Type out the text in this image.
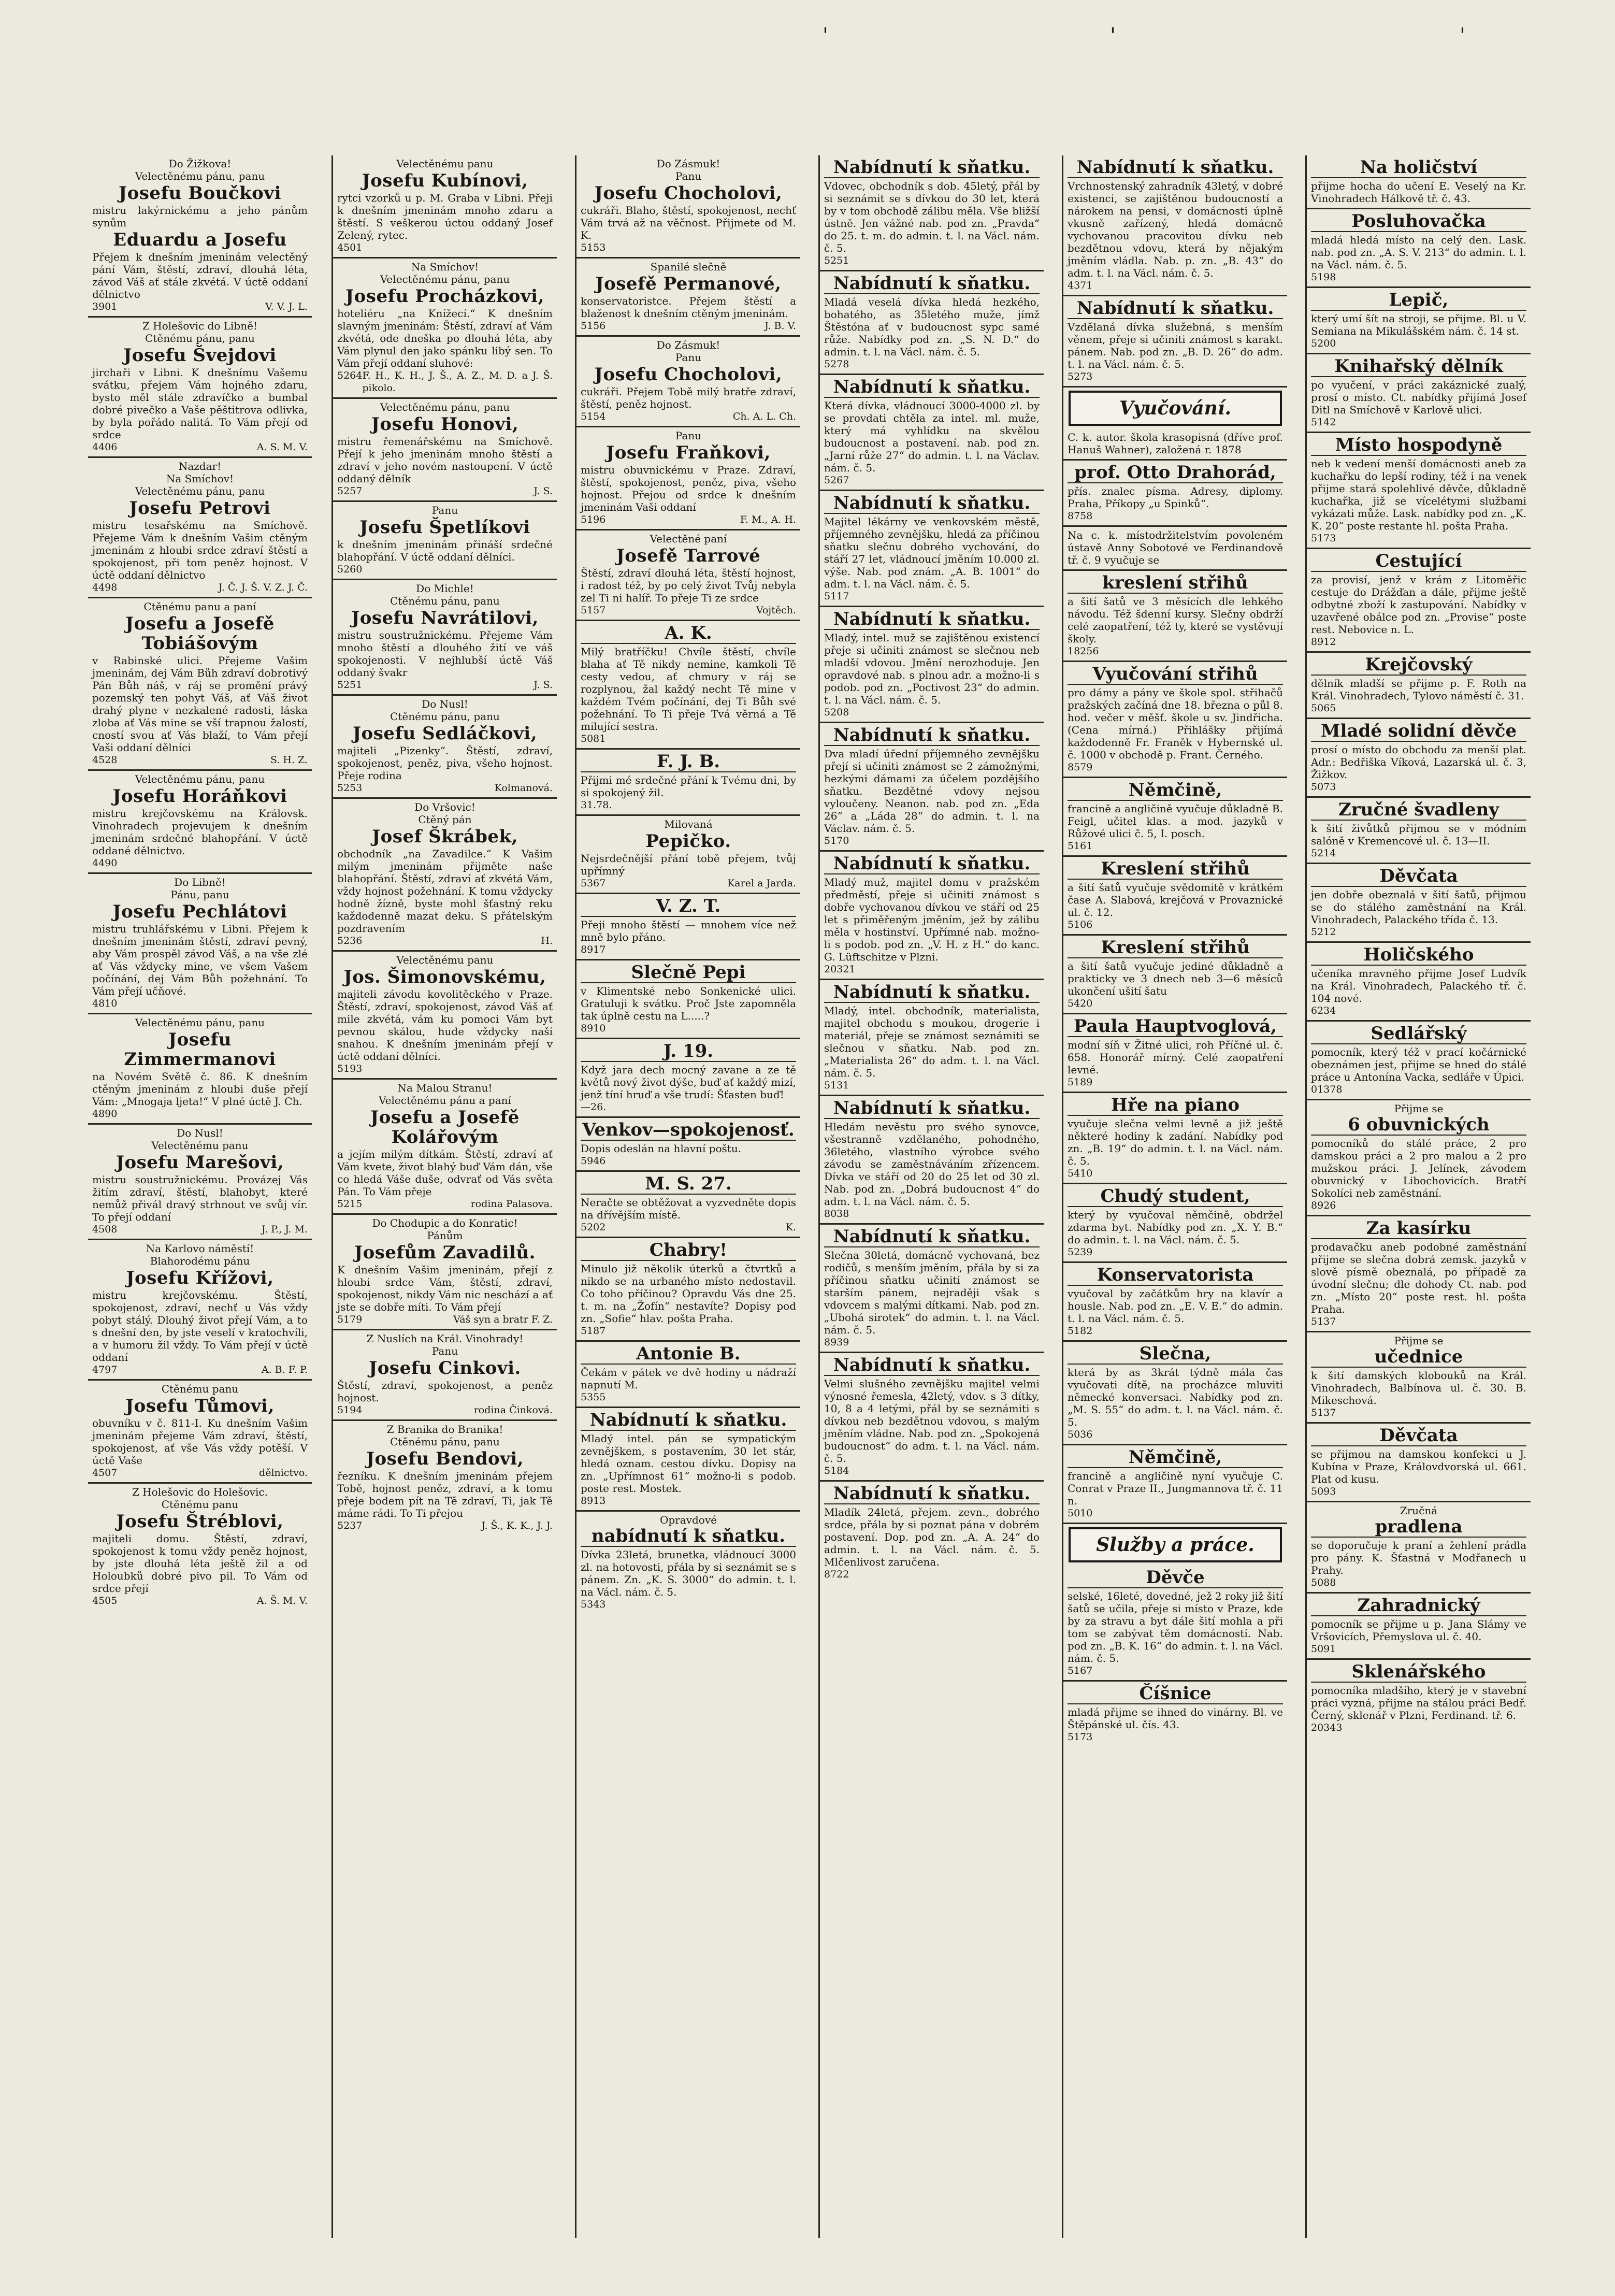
'	'	'
Do Žižkova!
Velectěnému pánu, panu
Josefu Boučkovi
mistru lakýrnickému a jeho pánům synům
Eduardu a Josefu
Přejem k dnešním jmeninám velectěný pání Vám, štěstí, zdraví, dlouhá léta, závod Váš ať stále zkvétá. V úctě oddaní dělnictvo
3901	V. V. J. L.
Z Holešovic do Libně!
Ctěnému pánu, panu
Josefu Švejdovi
jirchaři v Libni. K dnešnímu Vašemu svátku, přejem Vám hojného zdaru, bysto měl stále zdravíčko a bumbal dobré pivečko a Vaše pěštitrova odlivka, by byla pořádo nalitá. To Vám přejí od srdce
4406	A. S. M. V.
Nazdar!
Na Smíchov!
Velectěnému pánu, panu
Josefu Petrovi
mistru tesařskému na Smíchově. Přejeme Vám k dnešním Vašim ctěným jmeninám z hloubi srdce zdraví štěstí a spokojenost, při tom peněz hojnost. V úctě oddaní dělnictvo
4498	J. Č. J. Š. V. Z. J. Č.
Ctěnému panu a paní
Josefu a Josefě Tobiášovým
v Rabinské ulici. Přejeme Vašim jmeninám, dej Vám Bůh zdraví dobrotivý Pán Bůh náš, v ráj se promění právý pozemský ten pohyt Váš, ať Váš život drahý plyne v nezkalené radosti, láska zloba ať Vás mine se vší trapnou žalostí, cností svou ať Vás blaží, to Vám přejí Vaši oddaní dělníci
4528	S. H. Z.
Velectěnému pánu, panu
Josefu Horáňkovi
mistru krejčovskému na Královsk. Vinohradech projevujem k dnešním jmeninám srdečné blahopřání. V úctě oddané dělnictvo.
4490
Do Libně!
Pánu, panu
Josefu Pechlátovi
mistru truhlářskému v Libni. Přejem k dnešním jmeninám štěstí, zdraví pevný, aby Vám prospěl závod Váš, a na vše zlé ať Vás vždycky mine, ve všem Vašem počínání, dej Vám Bůh požehnání. To Vám přejí učňové.
4810
Velectěnému pánu, panu
Josefu Zimmermanovi
na Novém Světě č. 86. K dnešním ctěným jmeninám z hloubi duše přejí Vám: „Mnogaja ljeta!“ V plné úctě J. Ch.
4890
Do Nusl!
Velectěnému panu
Josefu Marešovi,
mistru soustružnickému. Provázej Vás žitím zdraví, štěstí, blahobyt, které nemůž přivál dravý strhnout ve svůj vír. To přejí oddaní
4508	J. P., J. M.
Na Karlovo náměstí!
Blahorodému pánu
Josefu Křížovi,
mistru krejčovskému. Štěstí, spokojenost, zdraví, nechť u Vás vždy pobyt stálý. Dlouhý život přejí Vám, a to s dnešní den, by jste veselí v kratochvíli, a v humoru žil vždy. To Vám přejí v úctě oddaní
4797	A. B. F. P.
Ctěnému panu
Josefu Tůmovi,
obuvníku v č. 811-I. Ku dnešním Vašim jmeninám přejeme Vám zdraví, štěstí, spokojenost, ať vše Vás vždy potěší. V úctě Vaše
4507	dělnictvo.
Z Holešovic do Holešovic.
Ctěnému panu
Josefu Štréblovi,
majiteli domu. Štěstí, zdraví, spokojenost k tomu vždy peněz hojnost, by jste dlouhá léta ještě žil a od Holoubků dobré pivo pil. To Vám od srdce přejí
4505	A. Š. M. V.
Velectěnému panu
Josefu Kubínovi,
rytci vzorků u p. M. Graba v Libni. Přeji k dnešním jmeninám mnoho zdaru a štěstí. S veškerou úctou oddaný Josef Zelený, rytec.
4501
Na Smíchov!
Velectěnému pánu, panu
Josefu Procházkovi,
hoteliéru „na Knížecí.“ K dnešním slavným jmeninám: Štěstí, zdraví ať Vám zkvétá, ode dneška po dlouhá léta, aby Vám plynul den jako spánku libý sen. To Vám přejí oddaní sluhové:
5264 F. H., K. H., J. Š., A. Z., M. D. a J. Š. pikolo.
Velectěnému pánu, panu
Josefu Honovi,
mistru řemenářskému na Smíchově. Přejí k jeho jmeninám mnoho štěstí a zdraví v jeho novém nastoupení. V úctě oddaný dělník
5257	J. S.
Panu
Josefu Špetlíkovi
k dnešním jmeninám přináší srdečné blahopřání. V úctě oddaní dělníci.
5260
Do Michle!
Ctěnému pánu, panu
Josefu Navrátilovi,
mistru soustružnickému. Přejeme Vám mnoho štěstí a dlouhého žití ve váš spokojenosti. V nejhlubší úctě Váš oddaný švakr
5251	J. S.
Do Nusl!
Ctěnému pánu, panu
Josefu Sedláčkovi,
majiteli „Pizenky“. Štěstí, zdraví, spokojenost, peněz, piva, všeho hojnost. Přeje rodina
5253	Kolmanová.
Do Vršovic!
Ctěný pán
Josef Škrábek,
obchodník „na Zavadilce.“ K Vašim milým jmeninám přijměte naše blahopřání. Štěstí, zdraví ať zkvétá Vám, vždy hojnost požehnání. K tomu vždycky hodně žízně, byste mohl šťastný reku každodenně mazat deku. S přátelským pozdravením
5236	H.
Velectěnému panu
Jos. Šimonovskému,
majiteli závodu kovolitěckého v Praze. Štěstí, zdraví, spokojenost, závod Váš ať mile zkvétá, vám ku pomoci Vám byt pevnou skálou, hude vždycky naší snahou. K dnešním jmeninám přejí v úctě oddaní dělníci.
5193
Na Malou Stranu!
Velectěnému pánu a paní
Josefu a Josefě Kolářovým
a jejím milým dítkám. Štěstí, zdraví ať Vám kvete, život blahý buď Vám dán, vše co hledá Váše duše, odvrať od Vás světa Pán. To Vám přeje
5215	rodina Palasova.
Do Chodupic a do Konratic!
Pánům
Josefům Zavadilů.
K dnešním Vašim jmeninám, přejí z hloubi srdce Vám, štěstí, zdraví, spokojenost, nikdy Vám nic neschází a ať jste se dobře míti. To Vám přejí
5179	Váš syn a bratr F. Z.
Z Nuslích na Král. Vinohrady!
Panu
Josefu Cinkovi.
Štěstí, zdraví, spokojenost, a peněz hojnost.
5194	rodina Činková.
Z Branika do Branika!
Ctěnému pánu, panu
Josefu Bendovi,
řezníku. K dnešním jmeninám přejem Tobě, hojnost peněz, zdraví, a k tomu přeje bodem pít na Tě zdraví, Ti, jak Tě máme rádi. To Ti přejou
5237	J. Š., K. K., J. J.
Do Zásmuk!
Panu
Josefu Chocholovi,
cukráři. Blaho, štěstí, spokojenost, nechť Vám trvá až na věčnost. Přijmete od M. K.
5153
Spanilé slečně
Josefě Permanové,
konservatoristce. Přejem štěstí a blaženost k dnešním ctěným jmeninám.
5156	J. B. V.
Do Zásmuk!
Panu
Josefu Chocholovi,
cukráři. Přejem Tobě milý bratře zdraví, štěstí, peněz hojnost.
5154	Ch. A. L. Ch.
Panu
Josefu Fraňkovi,
mistru obuvnickému v Praze. Zdraví, štěstí, spokojenost, peněz, piva, všeho hojnost. Přejou od srdce k dnešním jmeninám Vaši oddaní
5196	F. M., A. H.
Velectěné paní
Josefě Tarrové
Štěstí, zdraví dlouhá léta, štěstí hojnost, i radost též, by po celý život Tvůj nebyla zel Ti ni halíř. To přeje Ti ze srdce
5157	Vojtěch.
A. K.
Milý bratříčku! Chvíle štěstí, chvíle blaha ať Tě nikdy nemine, kamkoli Tě cesty vedou, ať chmury v ráj se rozplynou, žal každý necht Tě mine v každém Tvém počínání, dej Ti Bůh své požehnání. To Ti přeje Tvá věrná a Tě milující sestra.
5081
F. J. B.
Přijmi mé srdečné přání k Tvému dni, by si spokojený žil.
31.78.
Milovaná
Pepičko.
Nejsrdečnější přání tobě přejem, tvůj upřímný
5367	Karel a Jarda.
V. Z. T.
Přeji mnoho štěstí — mnohem více než mně bylo přáno.
8917
Slečně Pepi
v Klimentské nebo Sonkenické ulici. Gratuluji k svátku. Proč Jste zapomněla tak úplně cestu na L.....?
8910
J. 19.
Když jara dech mocný zavane a ze tě květů nový život dýše, buď ať každý mizí, jenž tíní hruď a vše trudí: Šťasten buď!
—26.
Venkov—spokojenosť.
Dopis odeslán na hlavní poštu.
5946
M. S. 27.
Neračte se obtěžovat a vyzvedněte dopis na dřívějším místě.
5202	K.
Chabry!
Minulo již několik úterků a čtvrtků a nikdo se na urbaného místo nedostavil. Co toho příčinou? Opravdu Vás dne 25. t. m. na „Žofín“ nestavíte? Dopisy pod zn. „Sofie“ hlav. pošta Praha.
5187
Antonie B.
Čekám v pátek ve dvě hodiny u nádraží napnutí M.
5355
Nabídnutí k sňatku.
Mladý intel. pán se sympatickým zevnějškem, s postavením, 30 let stár, hledá oznam. cestou dívku. Dopisy na zn. „Upřímnost 61“ možno-li s podob. poste rest. Mostek.
8913
Opravdové
nabídnutí k sňatku.
Dívka 23letá, brunetka, vládnoucí 3000 zl. na hotovosti, přála by si seznámit se s pánem. Zn. „K. S. 3000“ do admin. t. l. na Václ. nám. č. 5.
5343
Nabídnutí k sňatku.
Vdovec, obchodník s dob. 45letý, přál by si seznámit se s dívkou do 30 let, která by v tom obchodě zálibu měla. Vše bližší ústně. Jen vážné nab. pod zn. „Pravda“ do 25. t. m. do admin. t. l. na Václ. nám. č. 5.
5251
Nabídnutí k sňatku.
Mladá veselá dívka hledá hezkého, bohatého, as 35letého muže, jímž Štěstóna ať v budoucnost sypc samé růže. Nabídky pod zn. „S. N. D.“ do admin. t. l. na Václ. nám. č. 5.
5278
Nabídnutí k sňatku.
Která dívka, vládnoucí 3000-4000 zl. by se provdati chtěla za intel. ml. muže, který má vyhlídku na skvělou budoucnost a postavení. nab. pod zn. „Jarní růže 27“ do admin. t. l. na Václav. nám. č. 5.
5267
Nabídnutí k sňatku.
Majitel lékárny ve venkovském městě, příjemného zevnějšku, hledá za příčinou sňatku slečnu dobrého vychování, do stáří 27 let, vládnoucí jměním 10.000 zl. výše. Nab. pod znám. „A. B. 1001“ do adm. t. l. na Václ. nám. č. 5.
5117
Nabídnutí k sňatku.
Mladý, intel. muž se zajištěnou existencí přeje si učiniti známost se slečnou neb mladší vdovou. Jmění nerozhoduje. Jen opravdové nab. s plnou adr. a možno-li s podob. pod zn. „Poctivost 23“ do admin. t. l. na Václ. nám. č. 5.
5208
Nabídnutí k sňatku.
Dva mladí úřední příjemného zevnějšku přejí si učiniti známost se 2 zámožnými, hezkými dámami za účelem pozdějšího sňatku. Bezdětné vdovy nejsou vyloučeny. Neanon. nab. pod zn. „Eda 26“ a „Láda 28“ do admin. t. l. na Václav. nám. č. 5.
5170
Nabídnutí k sňatku.
Mladý muž, majitel domu v pražském předměstí, přeje si učiniti známost s dobře vychovanou dívkou ve stáří od 25 let s přiměřeným jměním, jež by zálibu měla v hostinství. Upřímné nab. možno-li s podob. pod zn. „V. H. z H.“ do kanc. G. Lüftschitze v Plzni.
20321
Nabídnutí k sňatku.
Mladý, intel. obchodník, materialista, majitel obchodu s moukou, drogerie i materiál, přeje se známost seznámiti se slečnou v sňatku. Nab. pod zn. „Materialista 26“ do adm. t. l. na Václ. nám. č. 5.
5131
Nabídnutí k sňatku.
Hledám nevěstu pro svého synovce, všestranně vzdělaného, pohodného, 36letého, vlastního výrobce svého závodu se zaměstnáváním zřízencem. Dívka ve stáří od 20 do 25 let od 30 zl. Nab. pod zn. „Dobrá budoucnost 4“ do adm. t. l. na Václ. nám. č. 5.
8038
Nabídnutí k sňatku.
Slečna 30letá, domácně vychovaná, bez rodičů, s menším jměním, přála by si za příčinou sňatku učiniti známost se starším pánem, nejraději však s vdovcem s malými dítkami. Nab. pod zn. „Ubohá sirotek“ do admin. t. l. na Václ. nám. č. 5.
8939
Nabídnutí k sňatku.
Velmi slušného zevnějšku majitel velmi výnosné řemesla, 42letý, vdov. s 3 dítky, 10, 8 a 4 letými, přál by se seznámiti s dívkou neb bezdětnou vdovou, s malým jměním vládne. Nab. pod zn. „Spokojená budoucnost“ do adm. t. l. na Václ. nám. č. 5.
5184
Nabídnutí k sňatku.
Mladík 24letá, přejem. zevn., dobrého srdce, přála by si poznat pána v dobrém postavení. Dop. pod zn. „A. A. 24“ do admin. t. l. na Václ. nám. č. 5. Mlčenlivost zaručena.
8722
Nabídnutí k sňatku.
Vrchnostenský zahradník 43letý, v dobré existenci, se zajištěnou budoucností a nárokem na pensi, v domácnosti úplně vkusně zařízený, hledá domácně vychovanou pracovitou dívku neb bezdětnou vdovu, která by nějakým jměním vládla. Nab. p. zn. „B. 43“ do adm. t. l. na Václ. nám. č. 5.
4371
Nabídnutí k sňatku.
Vzdělaná dívka služebná, s menším věnem, přeje si učiniti známost s karakt. pánem. Nab. pod zn. „B. D. 26“ do adm. t. l. na Václ. nám. č. 5.
5273
Vyučování.
C. k. autor. škola krasopisná (dříve prof. Hanuš Wahner), založená r. 1878
prof. Otto Drahorád,
přís. znalec písma. Adresy, diplomy. Praha, Příkopy „u Spinků“.
8758
Na c. k. místodržitelstvím povoleném ústavě Anny Sobotové ve Ferdinandově tř. č. 9 vyučuje se
kreslení střihů
a šití šatů ve 3 měsících dle lehkého návodu. Též šdenní kursy. Slečny obdrží celé zaopatření, též ty, které se vystěvují školy.
18256
Vyučování střihů
pro dámy a pány ve škole spol. střihačů pražských začíná dne 18. března o půl 8. hod. večer v měšť. škole u sv. Jindřicha. (Cena mírná.) Přihlášky přijímá každodenně Fr. Franěk v Hybernské ul. č. 1000 v obchodě p. Frant. Černého.
8579
Němčině,
francině a angličině vyučuje důkladně B. Feigl, učitel klas. a mod. jazyků v Růžové ulici č. 5, I. posch.
5161
Kreslení střihů
a šití šatů vyučuje svědomitě v krátkém čase A. Slabová, krejčová v Provaznické ul. č. 12.
5106
Kreslení střihů
a šití šatů vyučuje jediné důkladně a prakticky ve 3 dnech neb 3—6 měsíců ukončení ušití šatu
5420
Paula Hauptvoglová,
modní síň v Žitné ulici, roh Příčné ul. č. 658. Honorář mírný. Celé zaopatření levné.
5189
Hře na piano
vyučuje slečna velmi levně a již ještě některé hodiny k zadání. Nabídky pod zn. „B. 19“ do admin. t. l. na Václ. nám. č. 5.
5410
Chudý student,
který by vyučoval němčině, obdržel zdarma byt. Nabídky pod zn. „X. Y. B.“ do admin. t. l. na Václ. nám. č. 5.
5239
Konservatorista
vyučoval by začátkům hry na klavír a housle. Nab. pod zn. „E. V. E.“ do admin. t. l. na Václ. nám. č. 5.
5182
Slečna,
která by as 3krát týdně mála čas vyučovati dítě, na procházce mluviti německé konversaci. Nabídky pod zn. „M. S. 55“ do adm. t. l. na Václ. nám. č. 5.
5036
Němčině,
francině a angličině nyní vyučuje C. Conrat v Praze II., Jungmannova tř. č. 11 n.
5010
Služby a práce.
Děvče
selské, 16leté, dovedné, jež 2 roky již šití šatů se učila, přeje si místo v Praze, kde by za stravu a byt dále šití mohla a při tom se zabývat těm domácností. Nab. pod zn. „B. K. 16“ do admin. t. l. na Václ. nám. č. 5.
5167
Číšnice
mladá přijme se ihned do vinárny. Bl. ve Štěpánské ul. čís. 43.
5173
Na holičství
přijme hocha do učení E. Veselý na Kr. Vinohradech Hálkově tř. č. 43.
Posluhovačka
mladá hledá místo na celý den. Lask. nab. pod zn. „A. S. V. 213“ do admin. t. l. na Václ. nám. č. 5.
5198
Lepič,
který umí šít na stroji, se přijme. Bl. u V. Semiana na Mikulášském nám. č. 14 st.
5200
Knihařský dělník
po vyučení, v práci zakáznické zualý, prosí o místo. Ct. nabídky přijímá Josef Ditl na Smíchově v Karlově ulici.
5142
Místo hospodyně
neb k vedení menší domácnosti aneb za kuchařku do lepší rodiny, též i na venek přijme stará spolehlivé děvče, důkladně kuchařka, již se vícelétymi službami vykázati může. Lask. nabídky pod zn. „K. K. 20“ poste restante hl. pošta Praha.
5173
Cestující
za provisí, jenž v krám z Litoměřic cestuje do Drážďan a dále, přijme ještě odbytné zboží k zastupování. Nabídky v uzavřené obálce pod zn. „Provise“ poste rest. Nebovice n. L.
8912
Krejčovský
dělník mladší se přijme p. F. Roth na Král. Vinohradech, Tylovo náměstí č. 31.
5065
Mladé solidní děvče
prosí o místo do obchodu za menší plat. Adr.: Bedřiška Víková, Lazarská ul. č. 3, Žižkov.
5073
Zručné švadleny
k šití živůtků přijmou se v módním salóně v Kremencové ul. č. 13—II.
5214
Děvčata
jen dobře obeznalá v šití šatů, přijmou se do stálého zaměstnání na Král. Vinohradech, Palackého třída č. 13.
5212
Holičského
učeníka mravného přijme Josef Ludvík na Král. Vinohradech, Palackého tř. č. 104 nové.
6234
Sedlářský
pomocník, který též v prací kočárnické obeznámen jest, přijme se hned do stálé práce u Antonína Vacka, sedláře v Úpici.
01378
Přijme se
6 obuvnických
pomocníků do stálé práce, 2 pro damskou práci a 2 pro malou a 2 pro mužskou práci. J. Jelínek, závodem obuvnický v Libochovicích. Bratří Sokolíci neb zaměstnání.
8926
Za kasírku
prodavačku aneb podobné zaměstnání přijme se slečna dobrá zemsk. jazyků v slově písmě obeznalá, po případě za úvodní slečnu; dle dohody Ct. nab. pod zn. „Místo 20“ poste rest. hl. pošta Praha.
5137
Přijme se
učednice
k šití damských klobouků na Král. Vinohradech, Balbínova ul. č. 30. B. Mikeschová.
5137
Děvčata
se přijmou na damskou konfekci u J. Kubína v Praze, Královdvorská ul. 661. Plat od kusu.
5093
Zručná
pradlena
se doporučuje k praní a žehlení prádla pro pány. K. Šťastná v Modřanech u Prahy.
5088
Zahradnický
pomocník se přijme u p. Jana Slámy ve Vršovicích, Přemyslova ul. č. 40.
5091
Sklenářského
pomocníka mladšího, který je v stavební práci vyzná, přijme na stálou práci Bedř. Černý, sklenář v Plzni, Ferdinand. tř. 6.
20343
